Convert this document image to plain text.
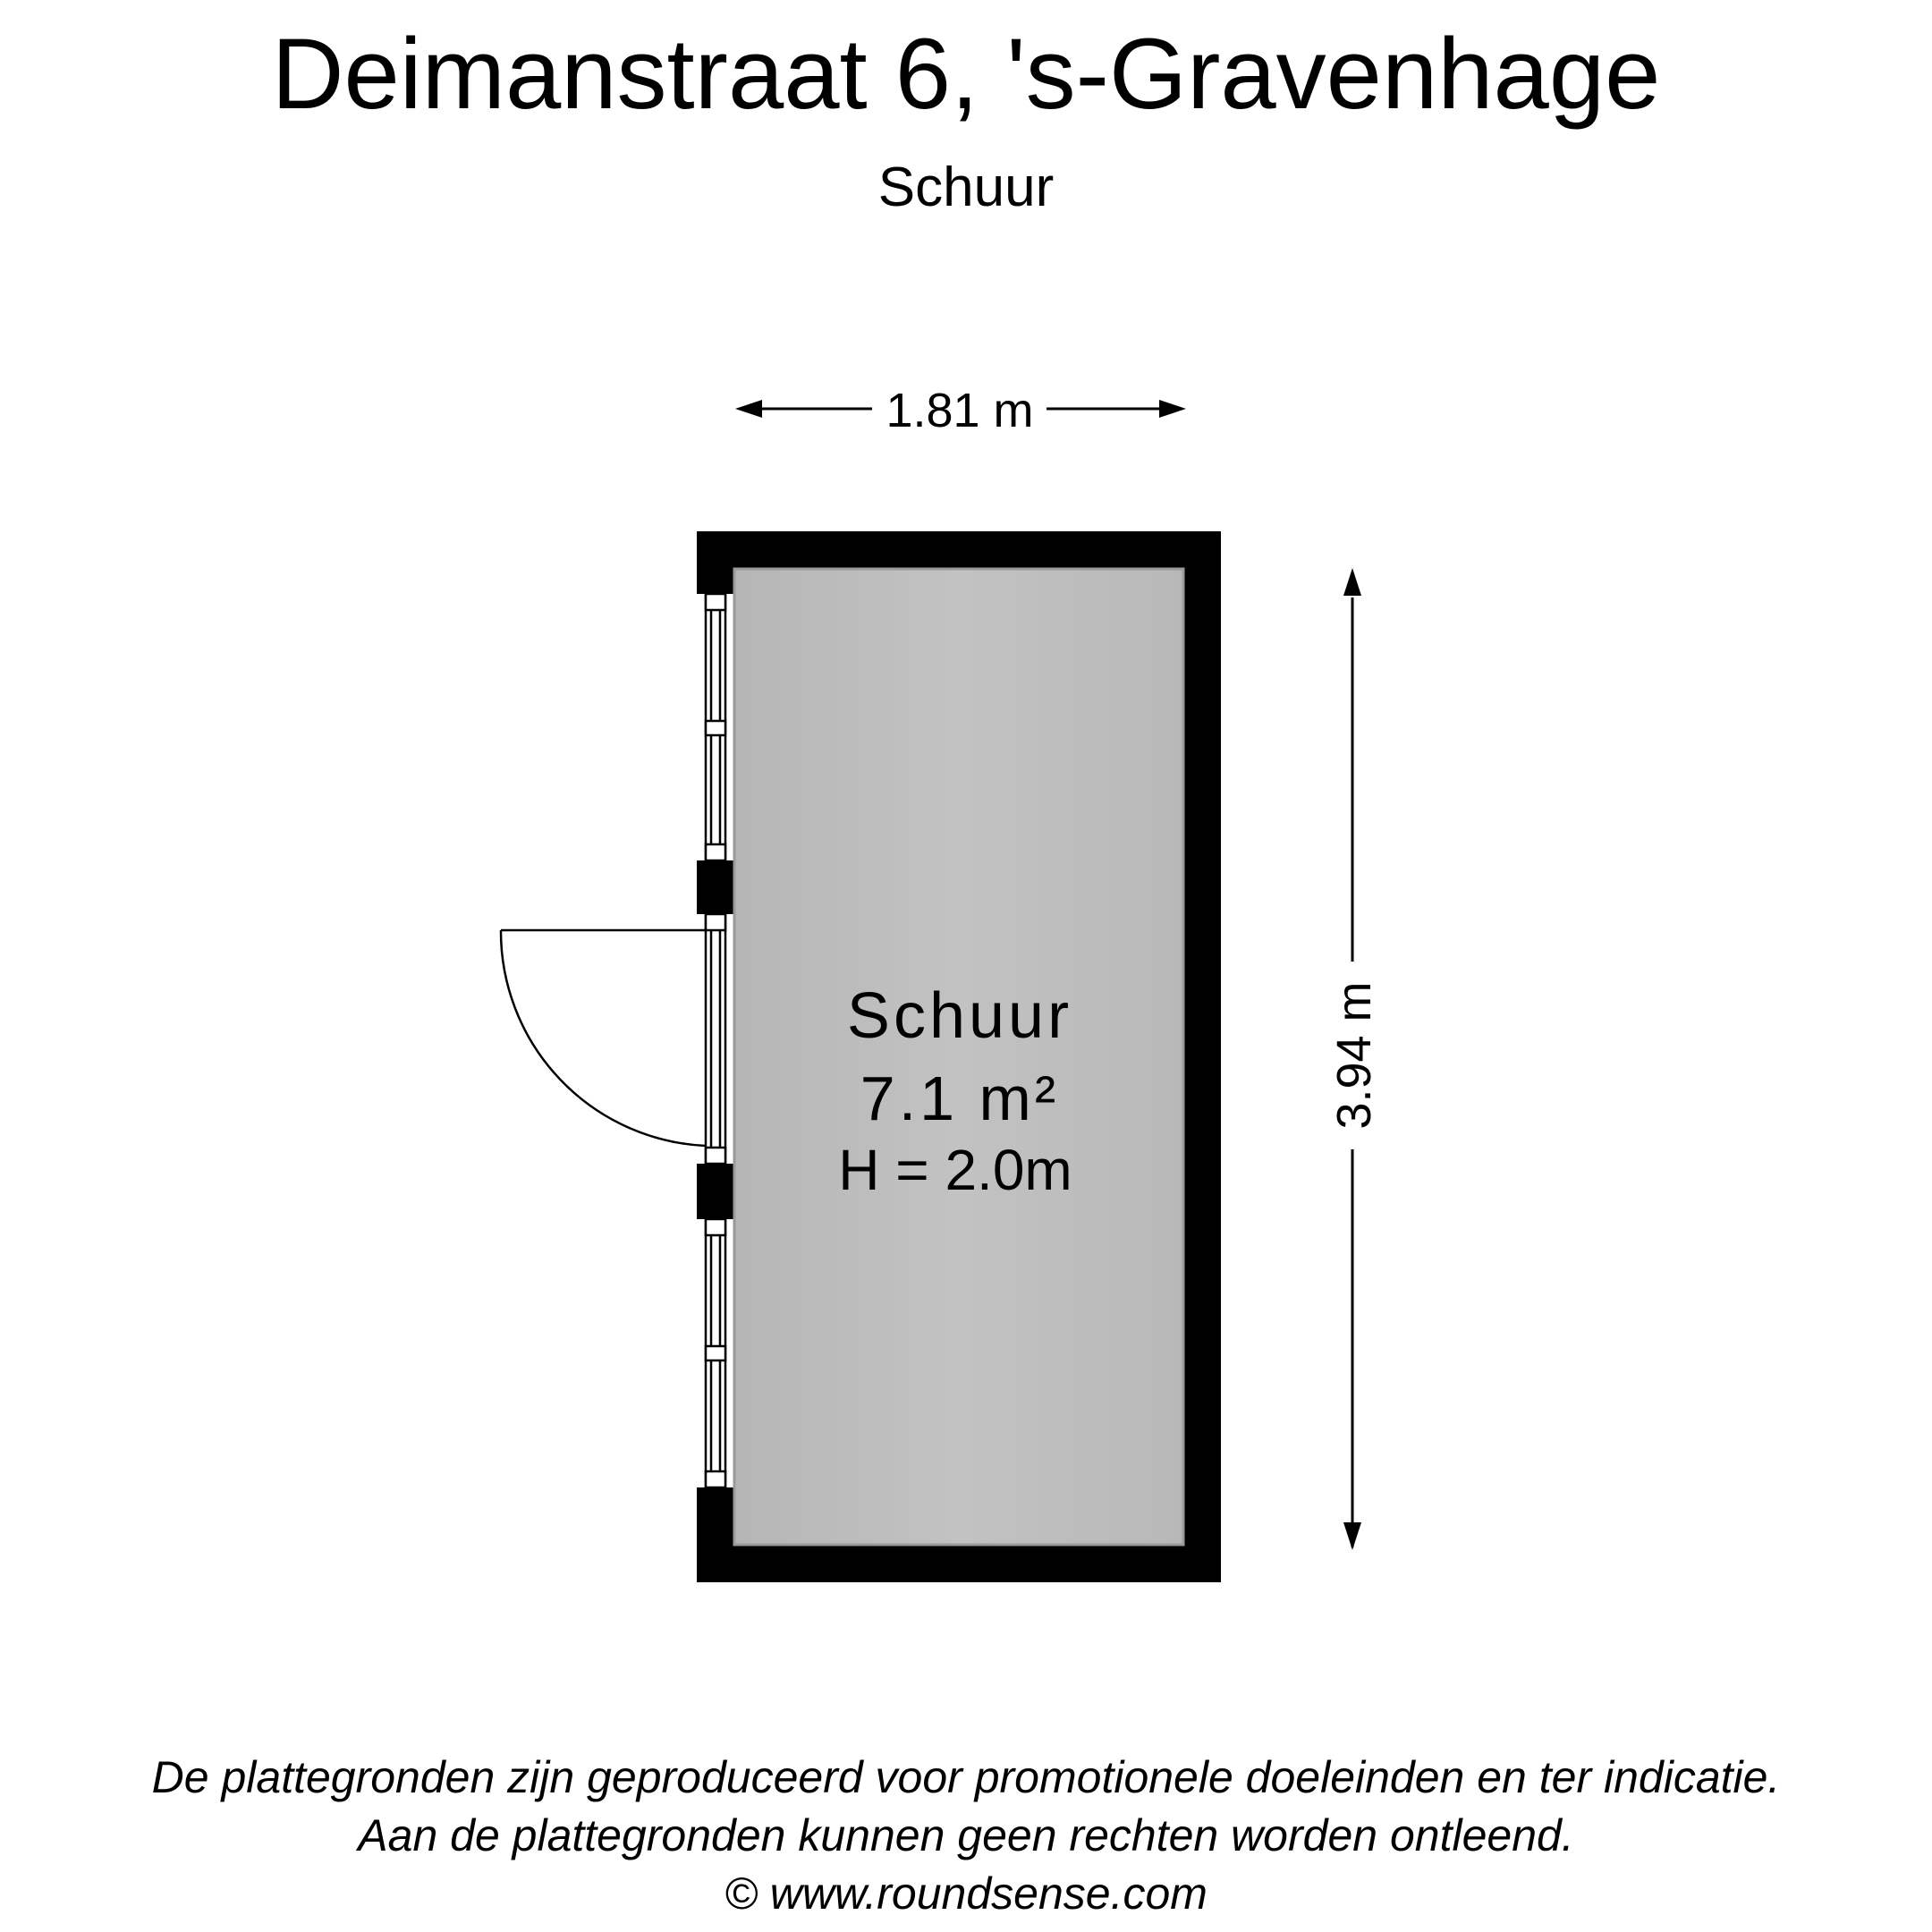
Deimanstraat 6, 's-Gravenhage
Schuur
1.81 m
3.94 m
Schuur
7.1 m²
H = 2.0m
De plattegronden zijn geproduceerd voor promotionele doeleinden en ter indicatie.
Aan de plattegronden kunnen geen rechten worden ontleend.
© www.roundsense.com
